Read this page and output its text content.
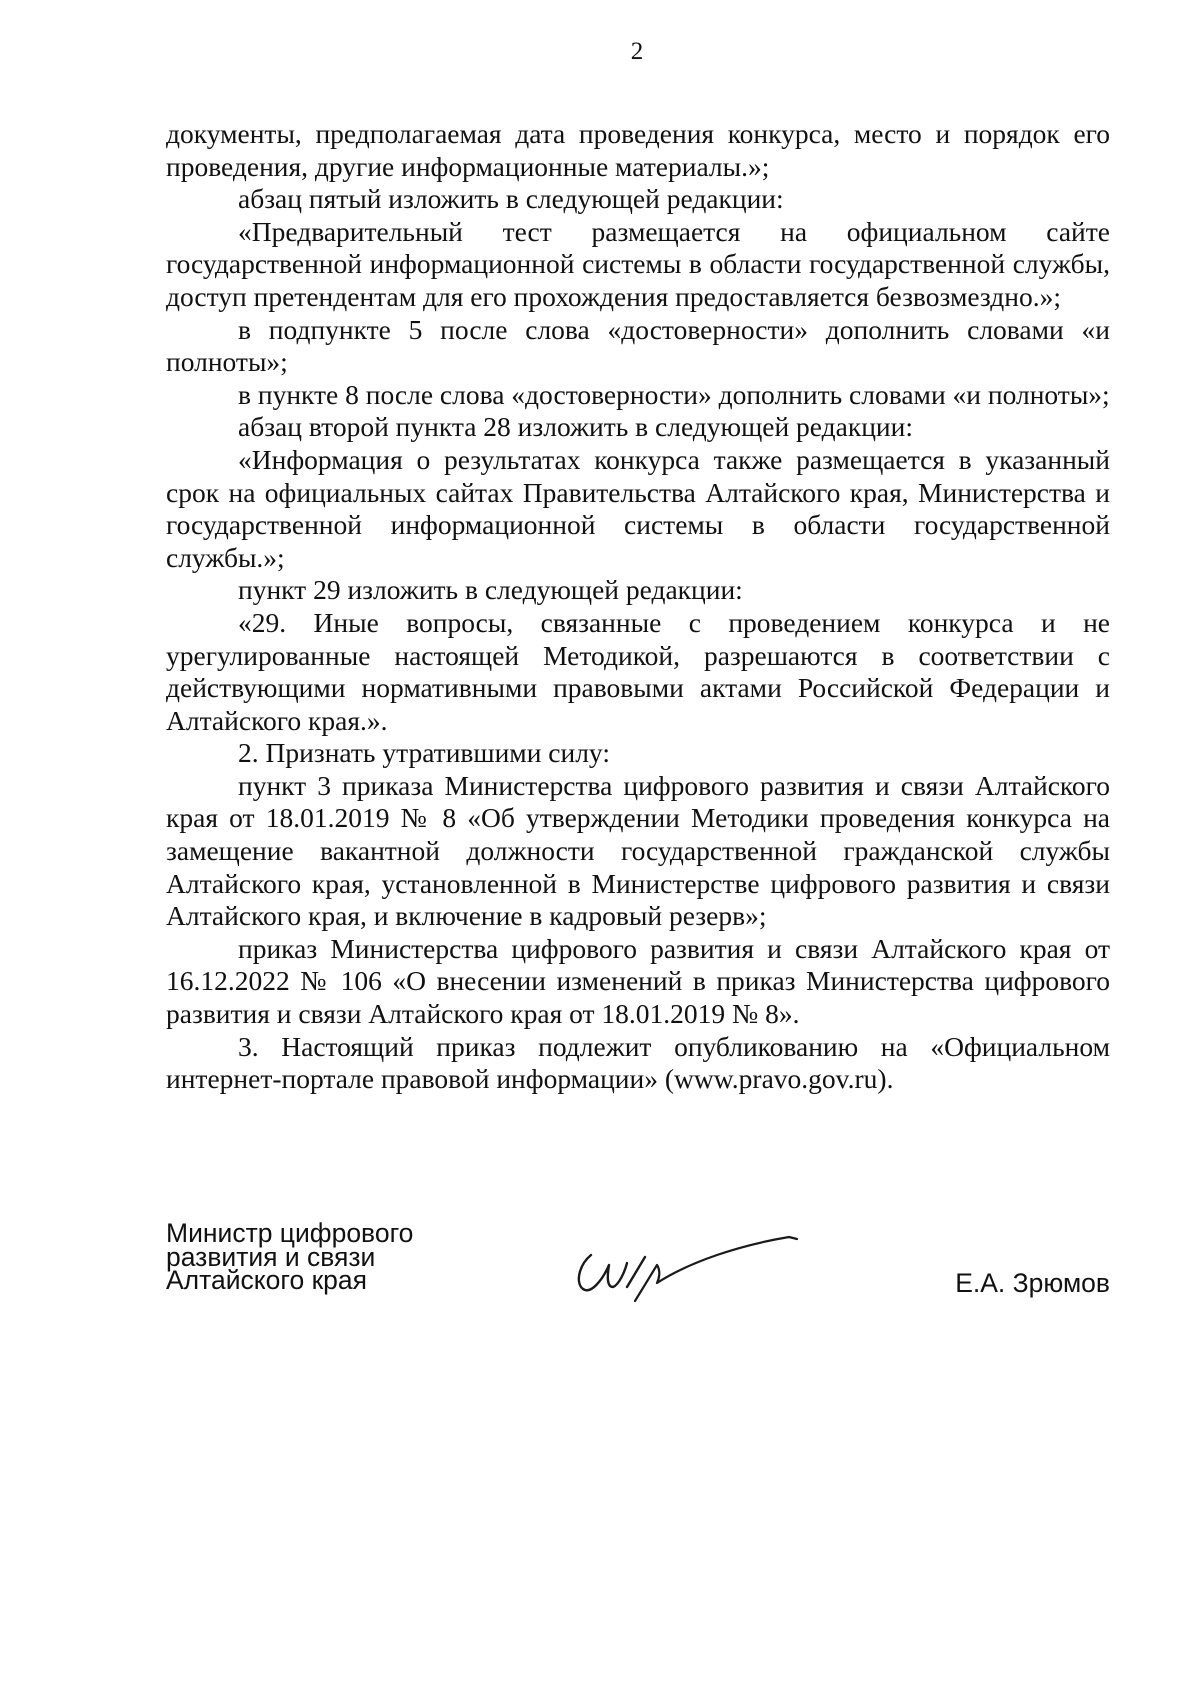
2

документы, предполагаемая дата проведения конкурса, место и порядок его проведения, другие информационные материалы.»;

абзац пятый изложить в следующей редакции:

«Предварительный тест размещается на официальном сайте государственной информационной системы в области государственной службы, доступ претендентам для его прохождения предоставляется безвозмездно.»;

в подпункте 5 после слова «достоверности» дополнить словами «и полноты»;

в пункте 8 после слова «достоверности» дополнить словами «и полноты»;

абзац второй пункта 28 изложить в следующей редакции:

«Информация о результатах конкурса также размещается в указанный срок на официальных сайтах Правительства Алтайского края, Министерства и государственной информационной системы в области государственной службы.»;

пункт 29 изложить в следующей редакции:

«29. Иные вопросы, связанные с проведением конкурса и не урегулированные настоящей Методикой, разрешаются в соответствии с действующими нормативными правовыми актами Российской Федерации и Алтайского края.».

2. Признать утратившими силу:

пункт 3 приказа Министерства цифрового развития и связи Алтайского края от 18.01.2019 № 8 «Об утверждении Методики проведения конкурса на замещение вакантной должности государственной гражданской службы Алтайского края, установленной в Министерстве цифрового развития и связи Алтайского края, и включение в кадровый резерв»;

приказ Министерства цифрового развития и связи Алтайского края от 16.12.2022 № 106 «О внесении изменений в приказ Министерства цифрового развития и связи Алтайского края от 18.01.2019 № 8».

3. Настоящий приказ подлежит опубликованию на «Официальном интернет-портале правовой информации» (www.pravo.gov.ru).

Министр цифрового
развития и связи
Алтайского края	Е.А. Зрюмов
